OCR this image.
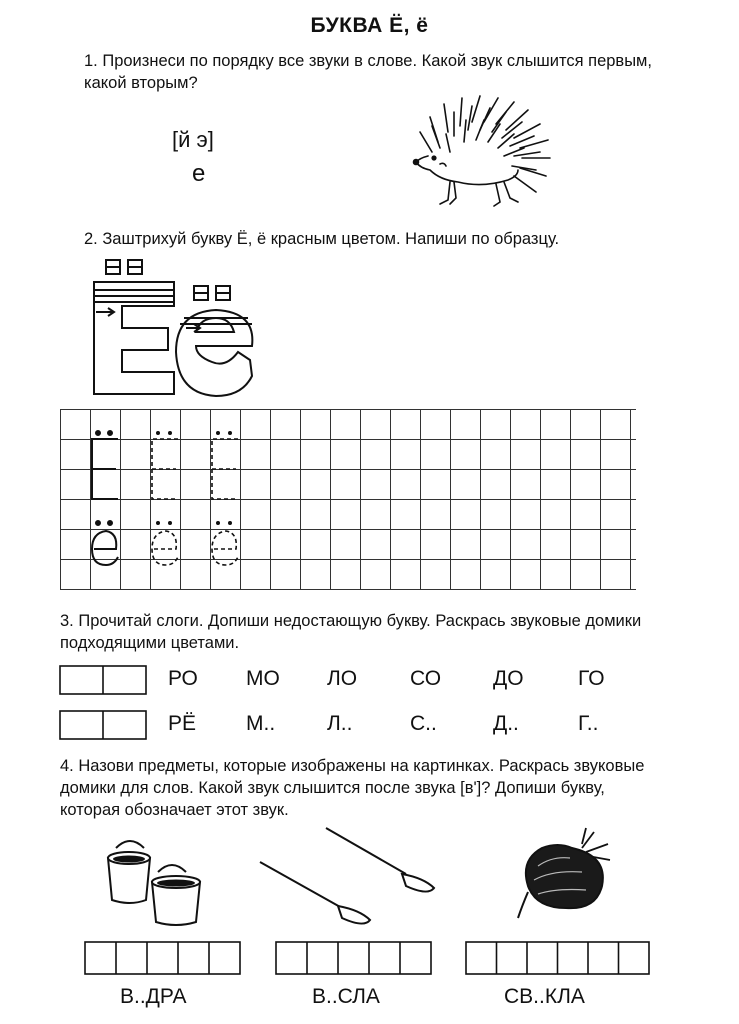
БУКВА Ё, ё
1. Произнеси по порядку все звуки в слове. Какой звук слышится первым, какой вторым?
[й э]
е
2. Заштрихуй букву Ё, ё красным цветом. Напиши по образцу.
3. Прочитай слоги. Допиши недостающую букву. Раскрась звуковые домики подходящими цветами.
РО МО ЛО	СО ДО	ГО
РЁ М.. Л..	С..	Д..	Г..
4. Назови предметы, которые изображены на картинках. Раскрась звуковые домики для слов. Какой звук слышится после звука [в']? Допиши букву, которая обозначает этот звук.
В..ДРА	В..СЛА	СВ..КЛА
